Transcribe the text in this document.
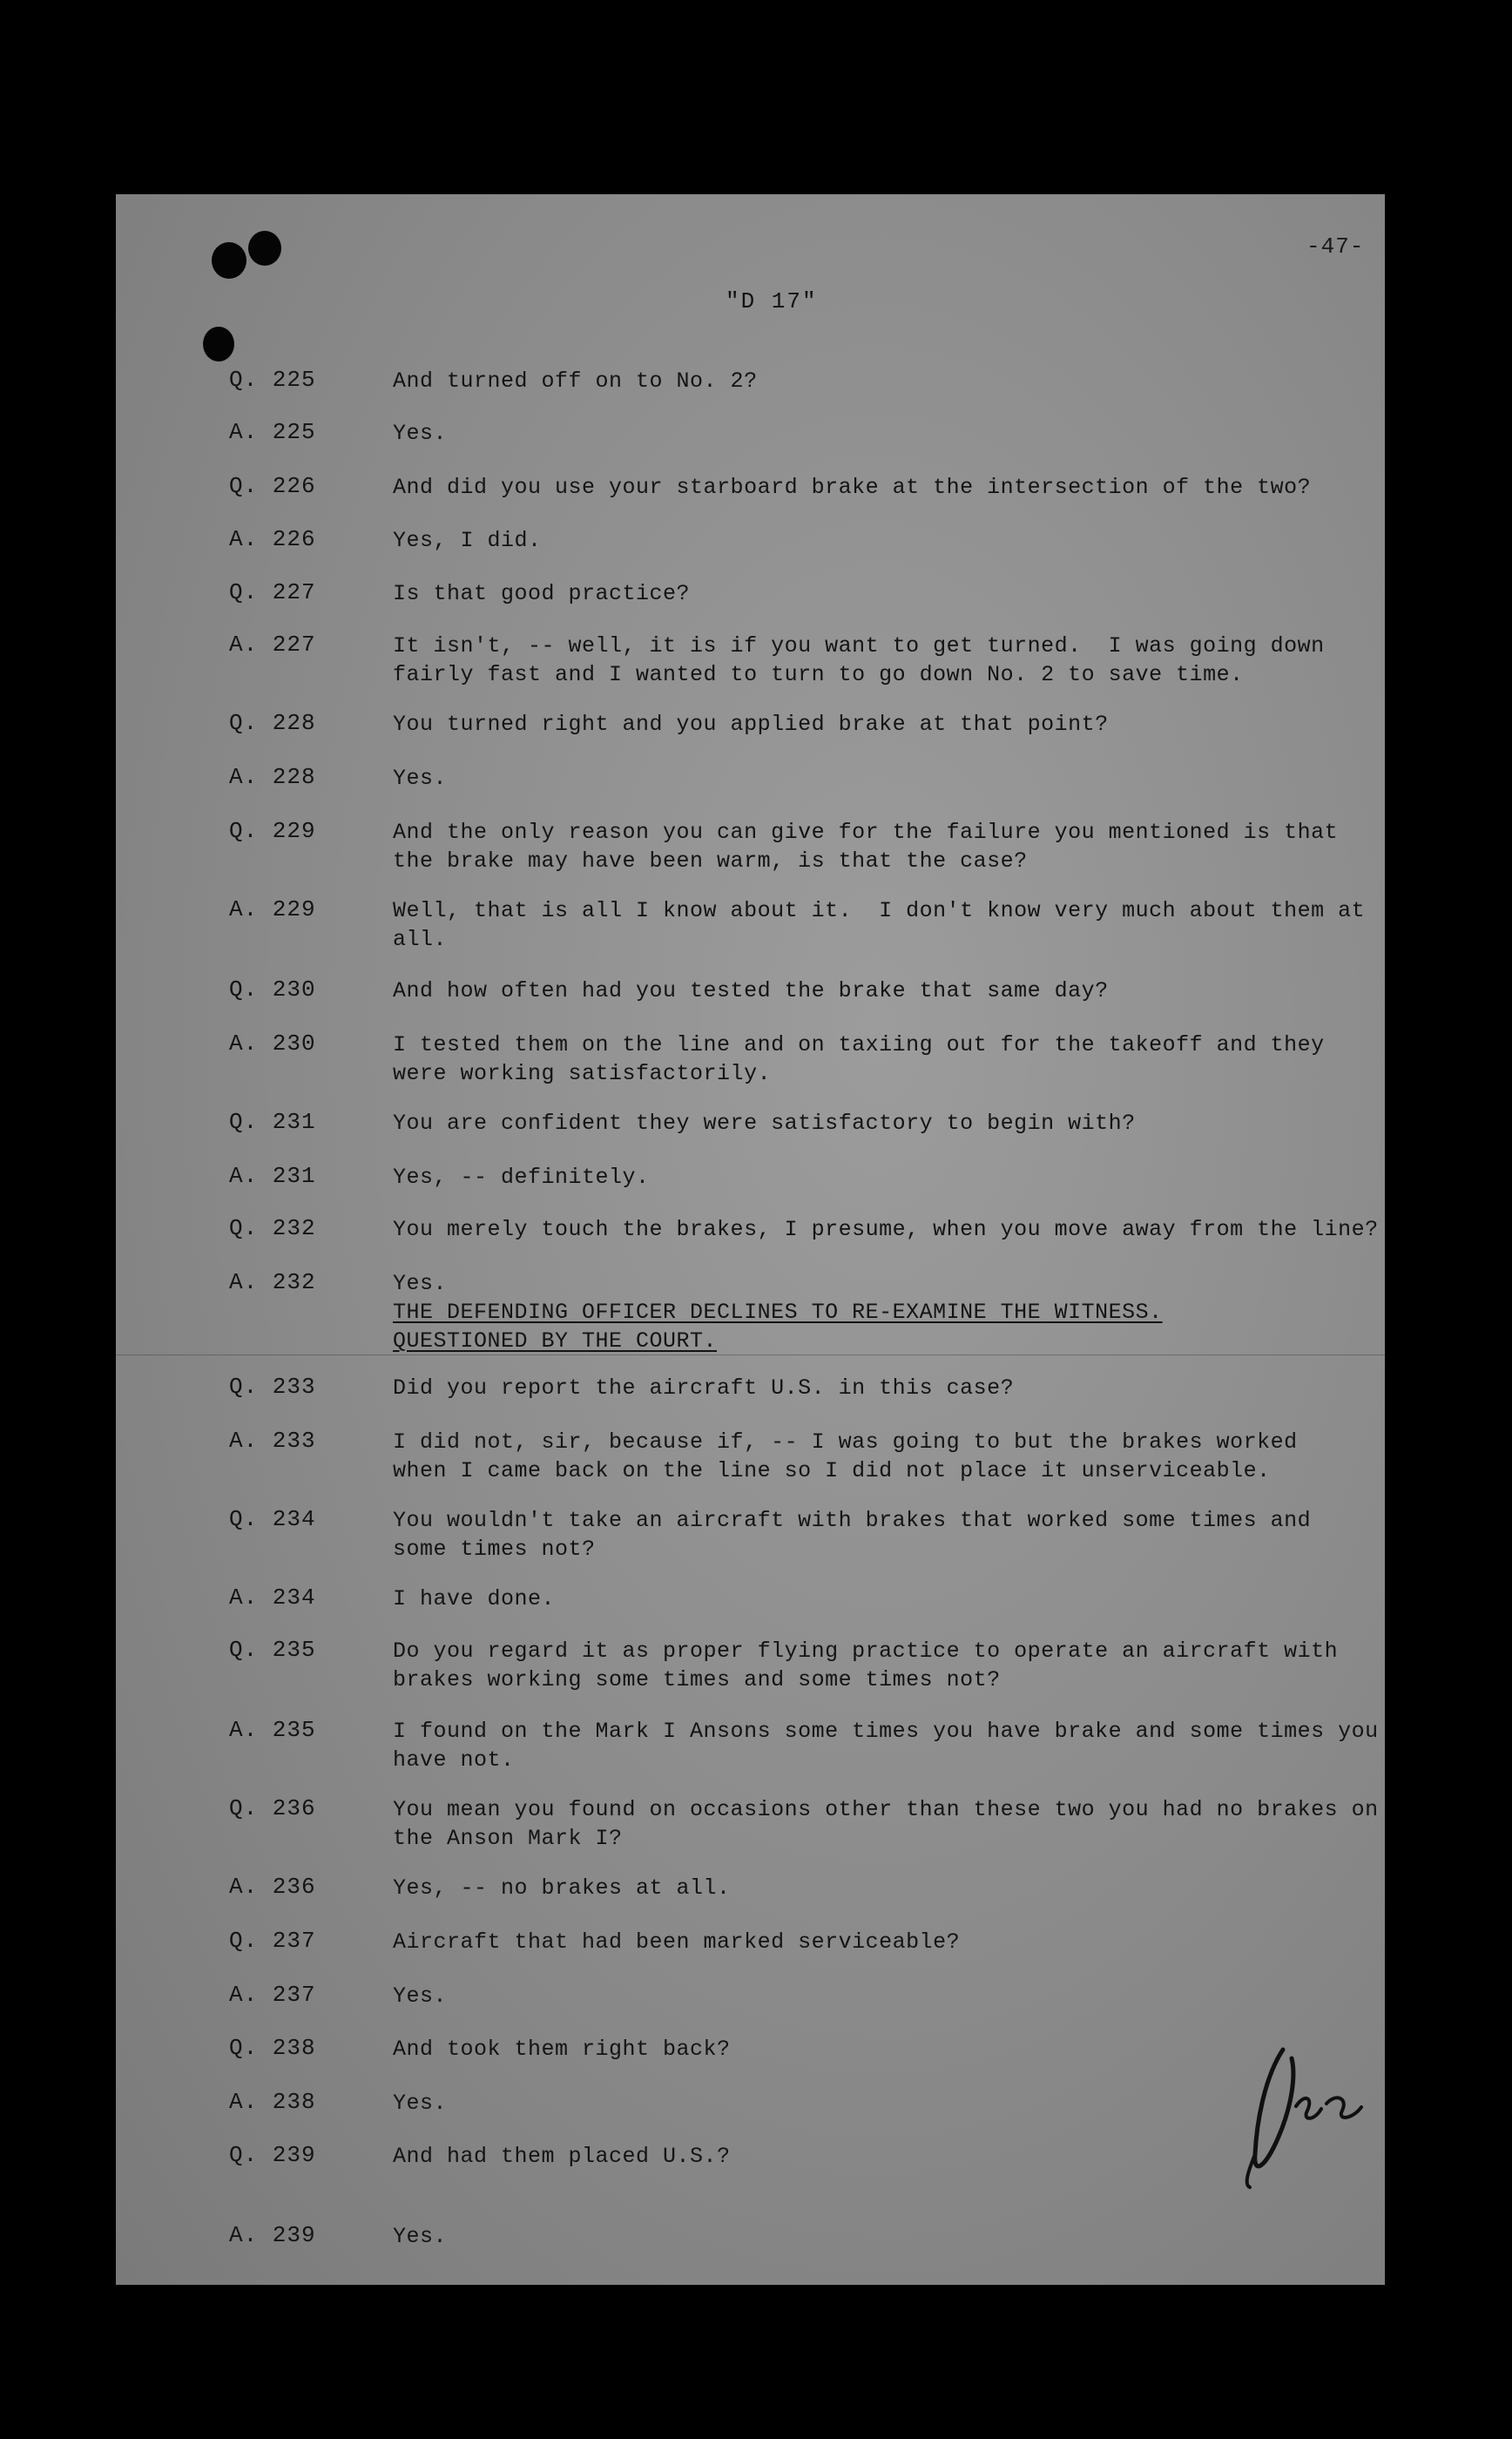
-47-
"D 17"
Q. 225	And turned off on to No. 2?
A. 225	Yes.
Q. 226	And did you use your starboard brake at the intersection of the two?
A. 226	Yes, I did.
Q. 227	Is that good practice?
A. 227	It isn't, -- well, it is if you want to get turned.  I was going down
fairly fast and I wanted to turn to go down No. 2 to save time.
Q. 228	You turned right and you applied brake at that point?
A. 228	Yes.
Q. 229	And the only reason you can give for the failure you mentioned is that
the brake may have been warm, is that the case?
A. 229	Well, that is all I know about it.  I don't know very much about them at
all.
Q. 230	And how often had you tested the brake that same day?
A. 230	I tested them on the line and on taxiing out for the takeoff and they
were working satisfactorily.
Q. 231	You are confident they were satisfactory to begin with?
A. 231	Yes, -- definitely.
Q. 232	You merely touch the brakes, I presume, when you move away from the line?
A. 232	Yes.
THE DEFENDING OFFICER DECLINES TO RE-EXAMINE THE WITNESS.
QUESTIONED BY THE COURT.
Q. 233	Did you report the aircraft U.S. in this case?
A. 233	I did not, sir, because if, -- I was going to but the brakes worked
when I came back on the line so I did not place it unserviceable.
Q. 234	You wouldn't take an aircraft with brakes that worked some times and
some times not?
A. 234	I have done.
Q. 235	Do you regard it as proper flying practice to operate an aircraft with
brakes working some times and some times not?
A. 235	I found on the Mark I Ansons some times you have brake and some times you
have not.
Q. 236	You mean you found on occasions other than these two you had no brakes on
the Anson Mark I?
A. 236	Yes, -- no brakes at all.
Q. 237	Aircraft that had been marked serviceable?
A. 237	Yes.
Q. 238	And took them right back?
A. 238	Yes.
Q. 239	And had them placed U.S.?
A. 239	Yes.
